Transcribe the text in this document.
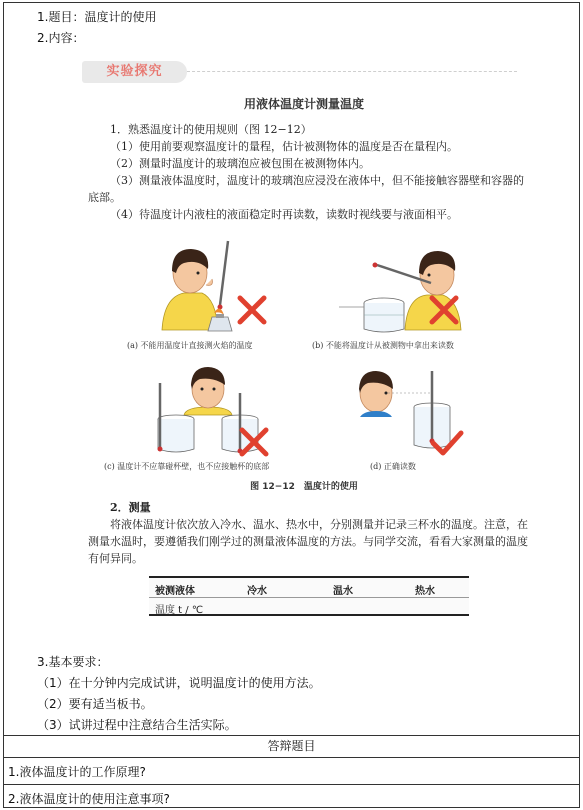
1.题目：温度计的使用
2.内容：
实验探究
用液体温度计测量温度
1．熟悉温度计的使用规则（图 12−12）
（1）使用前要观察温度计的量程，估计被测物体的温度是否在量程内。
（2）测量时温度计的玻璃泡应被包围在被测物体内。
（3）测量液体温度时，温度计的玻璃泡应浸没在液体中，但不能接触容器壁和容器的底部。
（4）待温度计内液柱的液面稳定时再读数，读数时视线要与液面相平。
(a) 不能用温度计直接测火焰的温度	(b) 不能将温度计从被测物中拿出来读数
(c) 温度计不应靠碰杯壁，也不应接触杯的底部	(d) 正确读数
图 12−12　温度计的使用
2．测量
将液体温度计依次放入冷水、温水、热水中，分别测量并记录三杯水的温度。注意，在测量水温时，要遵循我们刚学过的测量液体温度的方法。与同学交流，看看大家测量的温度有何异同。
被测液体	冷水	温水	热水
温度 t / ℃
3.基本要求：
（1）在十分钟内完成试讲，说明温度计的使用方法。
（2）要有适当板书。
（3）试讲过程中注意结合生活实际。
答辩题目
1.液体温度计的工作原理?
2.液体温度计的使用注意事项?
